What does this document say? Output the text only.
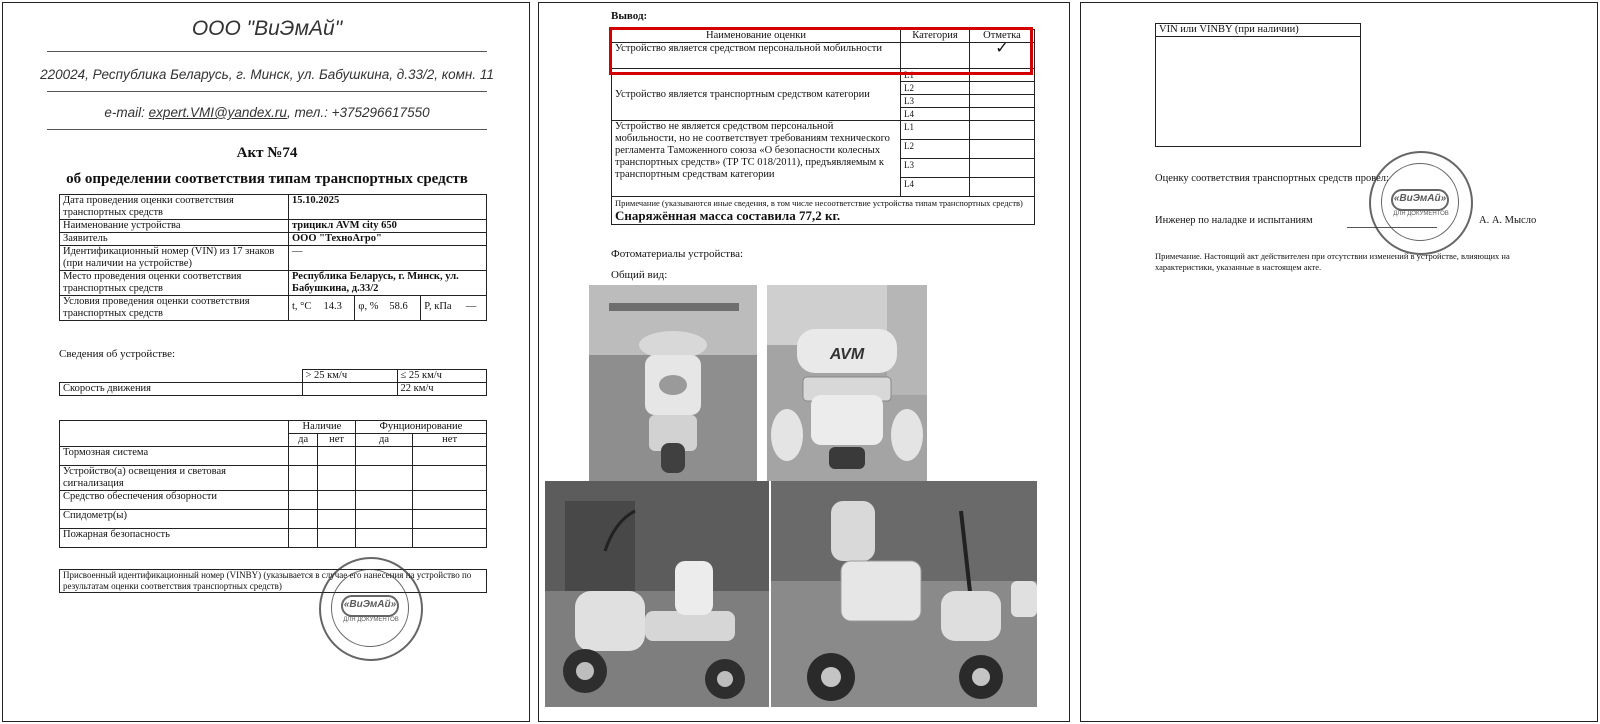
ООО "ВиЭмАй"
220024, Республика Беларусь, г. Минск, ул. Бабушкина, д.33/2, комн. 11
e-mail: expert.VMI@yandex.ru, тел.: +375296617550
Акт №74
об определении соответствия типам транспортных средств
Дата проведения оценки соответствия транспортных средств	15.10.2025					
Наименование устройства	трицикл AVM city 650					
Заявитель	ООО "ТехноАгро"					
Идентификационный номер (VIN) из 17 знаков (при наличии на устройстве)	—					
Место проведения оценки соответствия транспортных средств	Республика Беларусь, г. Минск, ул. Бабушкина, д.33/2					
Условия проведения оценки соответствия транспортных средств	t, °C	14.3	φ, %	58.6	P, кПа	—
Сведения об устройстве:
	> 25 км/ч	≤ 25 км/ч
Скорость движения		22 км/ч
	Наличие		Фунционирование	
	да	нет	да	нет
Тормозная система				
Устройство(а) освещения и световая сигнализация				
Средство обеспечения обзорности				
Спидометр(ы)				
Пожарная безопасность				
Присвоенный идентификационный номер (VINBY) (указывается в случае его нанесения на устройство по результатам оценки соответствия транспортных средств)
«ВиЭмАй»
ДЛЯ ДОКУМЕНТОВ
Вывод:
Наименование оценки	Категория	Отметка
Устройство является средством персональной мобильности		✓
Устройство является транспортным средством категории	L1	
	L2	
	L3	
	L4	
Устройство не является средством персональной мобильности, но не соответствует требованиям технического регламента Таможенного союза «О безопасности колесных транспортных средств» (ТР ТС 018/2011), предъявляемым к транспортным средствам категории	L1	
	L2	
	L3	
	L4	
Примечание (указываются иные сведения, в том числе несоответствие устройства типам транспортных средств) Снаряжённая масса составила 77,2 кг.		
Фотоматериалы устройства:
Общий вид:
AVM
VIN или VINBY (при наличии)

Оценку соответствия транспортных средств провел:
Инженер по наладке и испытаниям	А. А. Мысло
«ВиЭмАй»
ДЛЯ ДОКУМЕНТОВ
Примечание. Настоящий акт действителен при отсутствии изменений в устройстве, влияющих на характеристики, указанные в настоящем акте.
